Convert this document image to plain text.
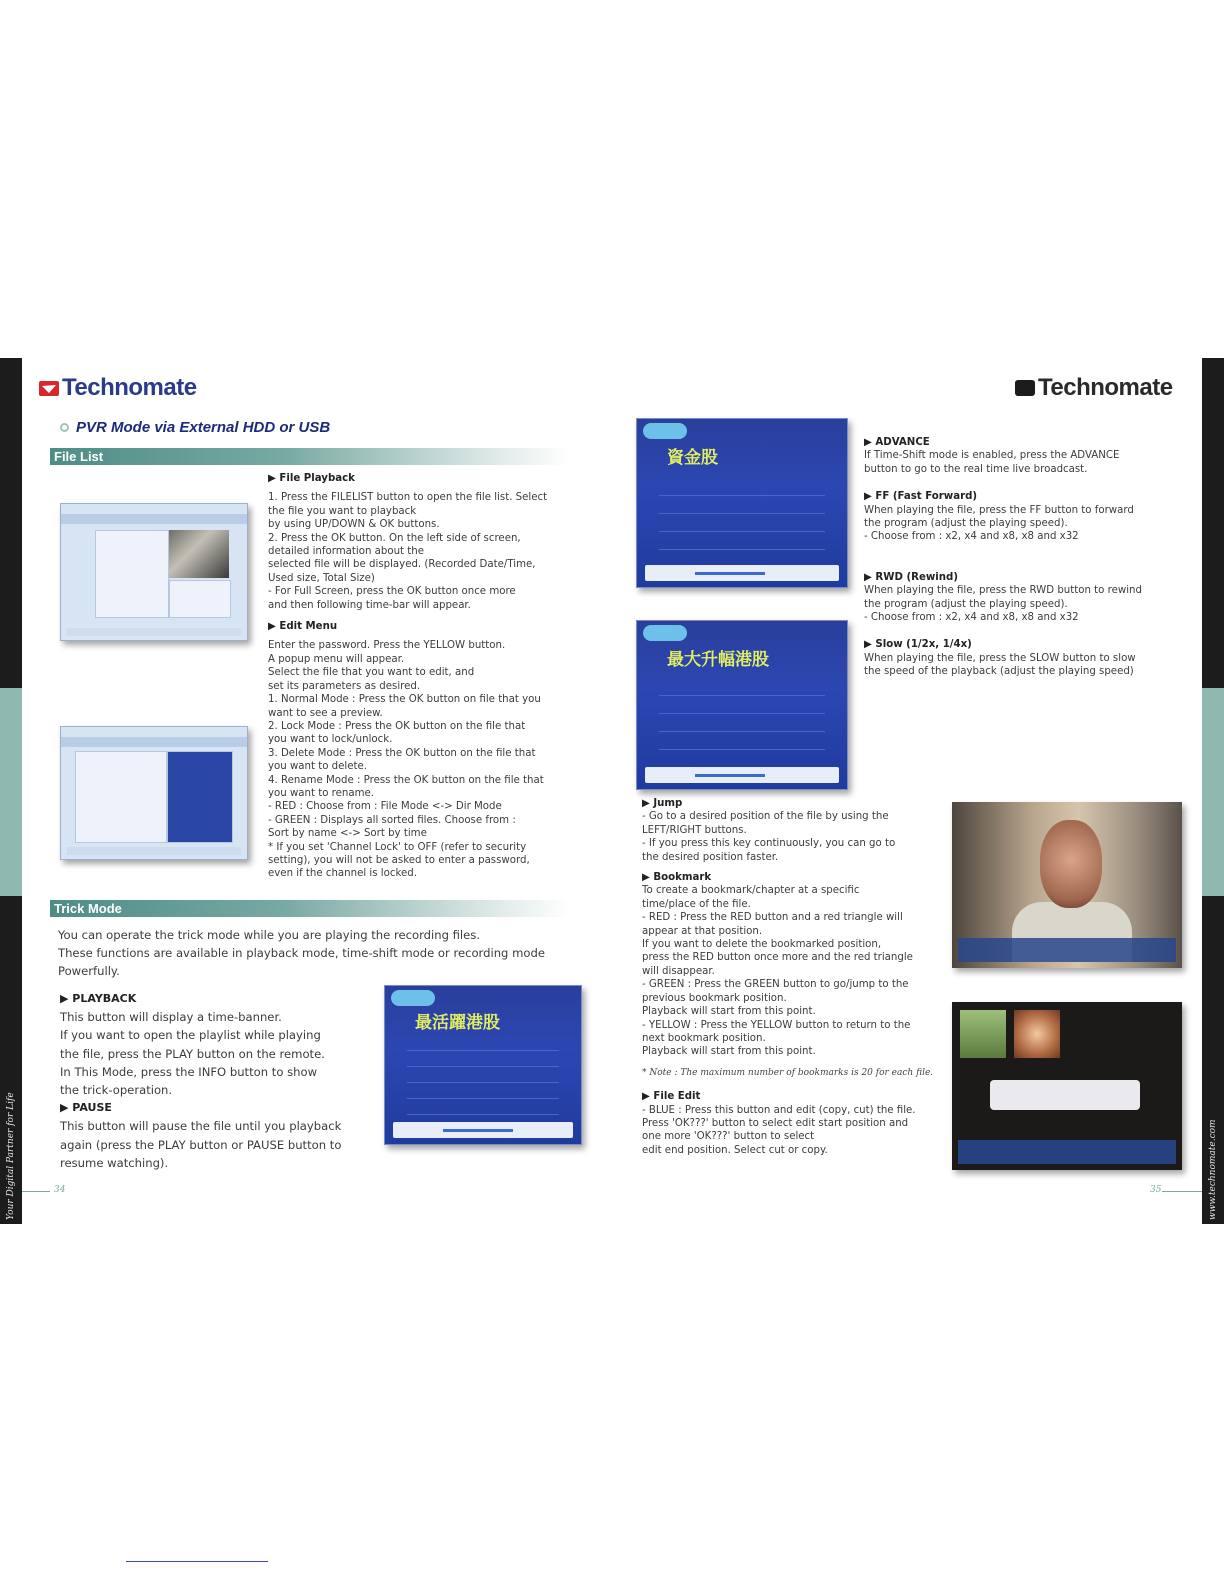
Your Digital Partner for Life	www.technomate.com
Technomate	Technomate
PVR Mode via External HDD or USB
File List
Trick Mode

▶ File Playback

1. Press the FILELIST button to open the file list. Select

the file you want to playback

by using UP/DOWN & OK buttons.

2. Press the OK button. On the left side of screen,

detailed information about the

selected file will be displayed. (Recorded Date/Time,

Used size, Total Size)

- For Full Screen, press the OK button once more

and then following time-bar will appear.

▶ Edit Menu

Enter the password. Press the YELLOW button.

A popup menu will appear.

Select the file that you want to edit, and

set its parameters as desired.

1. Normal Mode : Press the OK button on file that you

want to see a preview.

2. Lock Mode : Press the OK button on the file that

you want to lock/unlock.

3. Delete Mode : Press the OK button on the file that

you want to delete.

4. Rename Mode : Press the OK button on the file that

you want to rename.

- RED : Choose from : File Mode <-> Dir Mode

- GREEN : Displays all sorted files. Choose from :

Sort by name <-> Sort by time

* If you set 'Channel Lock' to OFF (refer to security

setting), you will not be asked to enter a password,

even if the channel is locked.

You can operate the trick mode while you are playing the recording files.

These functions are available in playback mode, time-shift mode or recording mode

Powerfully.

▶ PLAYBACK

This button will display a time-banner.

If you want to open the playlist while playing

the file, press the PLAY button on the remote.

In This Mode, press the INFO button to show

the trick-operation.

▶ PAUSE

This button will pause the file until you playback

again (press the PLAY button or PAUSE button to

resume watching).

最活躍港股
資金股
最大升幅港股

▶ ADVANCE

If Time-Shift mode is enabled, press the ADVANCE

button to go to the real time live broadcast.

▶ FF (Fast Forward)

When playing the file, press the FF button to forward

the program (adjust the playing speed).

- Choose from : x2, x4 and x8, x8 and x32

▶ RWD (Rewind)

When playing the file, press the RWD button to rewind

the program (adjust the playing speed).

- Choose from : x2, x4 and x8, x8 and x32

▶ Slow (1/2x, 1/4x)

When playing the file, press the SLOW button to slow

the speed of the playback (adjust the playing speed)

▶ Jump

- Go to a desired position of the file by using the

LEFT/RIGHT buttons.

- If you press this key continuously, you can go to

the desired position faster.

▶ Bookmark

To create a bookmark/chapter at a specific

time/place of the file.

- RED : Press the RED button and a red triangle will

appear at that position.

If you want to delete the bookmarked position,

press the RED button once more and the red triangle

will disappear.

- GREEN : Press the GREEN button to go/jump to the

previous bookmark position.

Playback will start from this point.

- YELLOW : Press the YELLOW button to return to the

next bookmark position.

Playback will start from this point.

* Note : The maximum number of bookmarks is 20 for each file.

▶ File Edit

- BLUE : Press this button and edit (copy, cut) the file.

Press 'OK???' button to select edit start position and

one more 'OK???' button to select

edit end position. Select cut or copy.

34	35
